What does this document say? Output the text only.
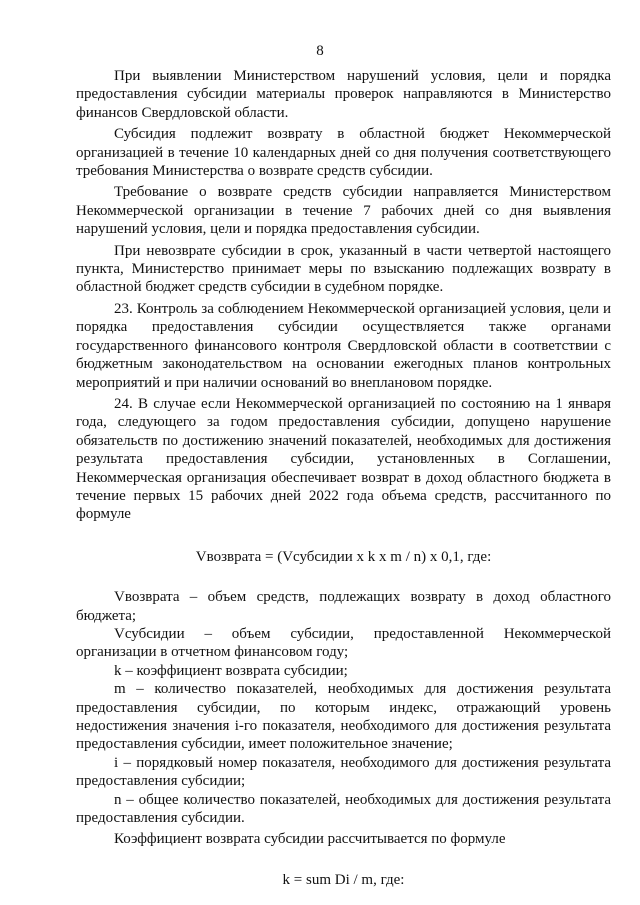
8

При выявлении Министерством нарушений условия, цели и порядка предоставления субсидии материалы проверок направляются в Министерство финансов Свердловской области.

Субсидия подлежит возврату в областной бюджет Некоммерческой организацией в течение 10 календарных дней со дня получения соответствующего требования Министерства о возврате средств субсидии.

Требование о возврате средств субсидии направляется Министерством Некоммерческой организации в течение 7 рабочих дней со дня выявления нарушений условия, цели и порядка предоставления субсидии.

При невозврате субсидии в срок, указанный в части четвертой настоящего пункта, Министерство принимает меры по взысканию подлежащих возврату в областной бюджет средств субсидии в судебном порядке.

23. Контроль за соблюдением Некоммерческой организацией условия, цели и порядка предоставления субсидии осуществляется также органами государственного финансового контроля Свердловской области в соответствии с бюджетным законодательством на основании ежегодных планов контрольных мероприятий и при наличии оснований во внеплановом порядке.

24. В случае если Некоммерческой организацией по состоянию на 1 января года, следующего за годом предоставления субсидии, допущено нарушение обязательств по достижению значений показателей, необходимых для достижения результата предоставления субсидии, установленных в Соглашении, Некоммерческая организация обеспечивает возврат в доход областного бюджета в течение первых 15 рабочих дней 2022 года объема средств, рассчитанного по формуле

Vвозврата = (Vсубсидии x k x m / n) x 0,1, где:

Vвозврата – объем средств, подлежащих возврату в доход областного бюджета;

Vсубсидии – объем субсидии, предоставленной Некоммерческой организации в отчетном финансовом году;

k – коэффициент возврата субсидии;

m – количество показателей, необходимых для достижения результата предоставления субсидии, по которым индекс, отражающий уровень недостижения значения i-го показателя, необходимого для достижения результата предоставления субсидии, имеет положительное значение;

i – порядковый номер показателя, необходимого для достижения результата предоставления субсидии;

n – общее количество показателей, необходимых для достижения результата предоставления субсидии.

Коэффициент возврата субсидии рассчитывается по формуле

k = sum Di / m, где:
